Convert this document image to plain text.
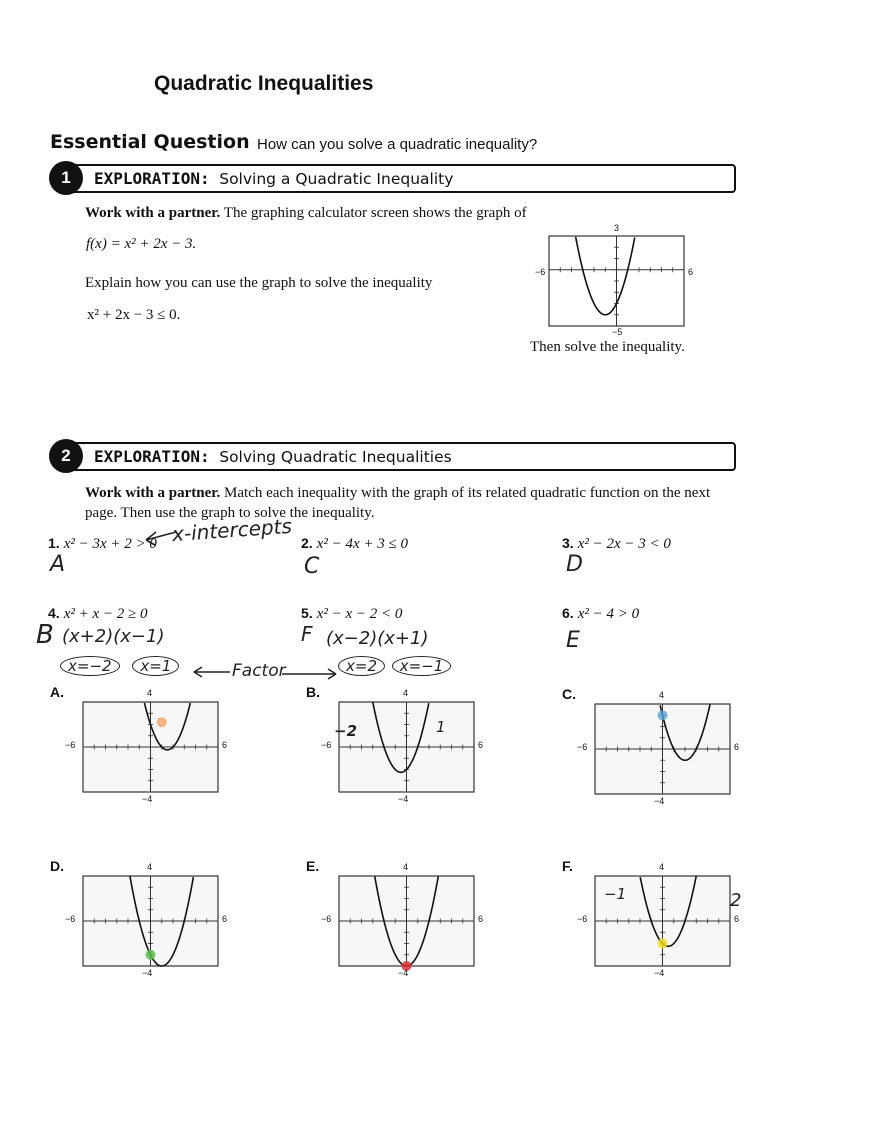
Quadratic Inequalities
Essential Question How can you solve a quadratic inequality?
1	EXPLORATION: Solving a Quadratic Inequality
Work with a partner. The graphing calculator screen shows the graph of
f(x) = x² + 2x − 3.
Explain how you can use the graph to solve the inequality
x² + 2x − 3 ≤ 0.
Then solve the inequality.
3
−5
−6	6
2	EXPLORATION: Solving Quadratic Inequalities
Work with a partner. Match each inequality with the graph of its related quadratic function on the next page. Then use the graph to solve the inequality.
1. x² − 3x + 2 > 0
A
x-intercepts 2. x² − 4x + 3 ≤ 0
C
3. x² − 2x − 3 < 0
D
4. x² + x − 2 ≥ 0
B (x+2)(x−1)
5. x² − x − 2 < 0
F (x−2)(x+1)
6. x² − 4 > 0
E
x=−2 x=1	Factor	x=2 x=−1
A.	4
−4
−6	6
B.	4
−4
−6	6
C.	4
−4
−6	6
D.	4
−4
−6	6
E.	4
−4
−6	6
F.	4
−4
−6	6
−2	1
−1	2
